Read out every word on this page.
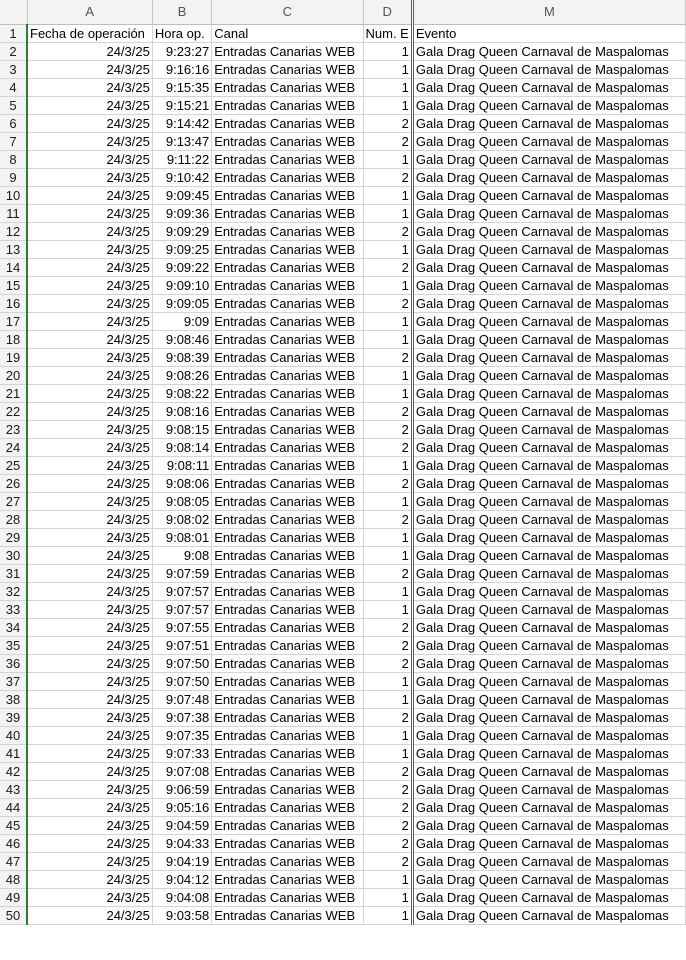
	A	B	C	D	M
1	Fecha de operación	Hora op.	Canal	Num. E	Evento
2	24/3/25	9:23:27	Entradas Canarias WEB	1	Gala Drag Queen Carnaval de Maspalomas
3	24/3/25	9:16:16	Entradas Canarias WEB	1	Gala Drag Queen Carnaval de Maspalomas
4	24/3/25	9:15:35	Entradas Canarias WEB	1	Gala Drag Queen Carnaval de Maspalomas
5	24/3/25	9:15:21	Entradas Canarias WEB	1	Gala Drag Queen Carnaval de Maspalomas
6	24/3/25	9:14:42	Entradas Canarias WEB	2	Gala Drag Queen Carnaval de Maspalomas
7	24/3/25	9:13:47	Entradas Canarias WEB	2	Gala Drag Queen Carnaval de Maspalomas
8	24/3/25	9:11:22	Entradas Canarias WEB	1	Gala Drag Queen Carnaval de Maspalomas
9	24/3/25	9:10:42	Entradas Canarias WEB	2	Gala Drag Queen Carnaval de Maspalomas
10	24/3/25	9:09:45	Entradas Canarias WEB	1	Gala Drag Queen Carnaval de Maspalomas
11	24/3/25	9:09:36	Entradas Canarias WEB	1	Gala Drag Queen Carnaval de Maspalomas
12	24/3/25	9:09:29	Entradas Canarias WEB	2	Gala Drag Queen Carnaval de Maspalomas
13	24/3/25	9:09:25	Entradas Canarias WEB	1	Gala Drag Queen Carnaval de Maspalomas
14	24/3/25	9:09:22	Entradas Canarias WEB	2	Gala Drag Queen Carnaval de Maspalomas
15	24/3/25	9:09:10	Entradas Canarias WEB	1	Gala Drag Queen Carnaval de Maspalomas
16	24/3/25	9:09:05	Entradas Canarias WEB	2	Gala Drag Queen Carnaval de Maspalomas
17	24/3/25	9:09	Entradas Canarias WEB	1	Gala Drag Queen Carnaval de Maspalomas
18	24/3/25	9:08:46	Entradas Canarias WEB	1	Gala Drag Queen Carnaval de Maspalomas
19	24/3/25	9:08:39	Entradas Canarias WEB	2	Gala Drag Queen Carnaval de Maspalomas
20	24/3/25	9:08:26	Entradas Canarias WEB	1	Gala Drag Queen Carnaval de Maspalomas
21	24/3/25	9:08:22	Entradas Canarias WEB	1	Gala Drag Queen Carnaval de Maspalomas
22	24/3/25	9:08:16	Entradas Canarias WEB	2	Gala Drag Queen Carnaval de Maspalomas
23	24/3/25	9:08:15	Entradas Canarias WEB	2	Gala Drag Queen Carnaval de Maspalomas
24	24/3/25	9:08:14	Entradas Canarias WEB	2	Gala Drag Queen Carnaval de Maspalomas
25	24/3/25	9:08:11	Entradas Canarias WEB	1	Gala Drag Queen Carnaval de Maspalomas
26	24/3/25	9:08:06	Entradas Canarias WEB	2	Gala Drag Queen Carnaval de Maspalomas
27	24/3/25	9:08:05	Entradas Canarias WEB	1	Gala Drag Queen Carnaval de Maspalomas
28	24/3/25	9:08:02	Entradas Canarias WEB	2	Gala Drag Queen Carnaval de Maspalomas
29	24/3/25	9:08:01	Entradas Canarias WEB	1	Gala Drag Queen Carnaval de Maspalomas
30	24/3/25	9:08	Entradas Canarias WEB	1	Gala Drag Queen Carnaval de Maspalomas
31	24/3/25	9:07:59	Entradas Canarias WEB	2	Gala Drag Queen Carnaval de Maspalomas
32	24/3/25	9:07:57	Entradas Canarias WEB	1	Gala Drag Queen Carnaval de Maspalomas
33	24/3/25	9:07:57	Entradas Canarias WEB	1	Gala Drag Queen Carnaval de Maspalomas
34	24/3/25	9:07:55	Entradas Canarias WEB	2	Gala Drag Queen Carnaval de Maspalomas
35	24/3/25	9:07:51	Entradas Canarias WEB	2	Gala Drag Queen Carnaval de Maspalomas
36	24/3/25	9:07:50	Entradas Canarias WEB	2	Gala Drag Queen Carnaval de Maspalomas
37	24/3/25	9:07:50	Entradas Canarias WEB	1	Gala Drag Queen Carnaval de Maspalomas
38	24/3/25	9:07:48	Entradas Canarias WEB	1	Gala Drag Queen Carnaval de Maspalomas
39	24/3/25	9:07:38	Entradas Canarias WEB	2	Gala Drag Queen Carnaval de Maspalomas
40	24/3/25	9:07:35	Entradas Canarias WEB	1	Gala Drag Queen Carnaval de Maspalomas
41	24/3/25	9:07:33	Entradas Canarias WEB	1	Gala Drag Queen Carnaval de Maspalomas
42	24/3/25	9:07:08	Entradas Canarias WEB	2	Gala Drag Queen Carnaval de Maspalomas
43	24/3/25	9:06:59	Entradas Canarias WEB	2	Gala Drag Queen Carnaval de Maspalomas
44	24/3/25	9:05:16	Entradas Canarias WEB	2	Gala Drag Queen Carnaval de Maspalomas
45	24/3/25	9:04:59	Entradas Canarias WEB	2	Gala Drag Queen Carnaval de Maspalomas
46	24/3/25	9:04:33	Entradas Canarias WEB	2	Gala Drag Queen Carnaval de Maspalomas
47	24/3/25	9:04:19	Entradas Canarias WEB	2	Gala Drag Queen Carnaval de Maspalomas
48	24/3/25	9:04:12	Entradas Canarias WEB	1	Gala Drag Queen Carnaval de Maspalomas
49	24/3/25	9:04:08	Entradas Canarias WEB	1	Gala Drag Queen Carnaval de Maspalomas
50	24/3/25	9:03:58	Entradas Canarias WEB	1	Gala Drag Queen Carnaval de Maspalomas
